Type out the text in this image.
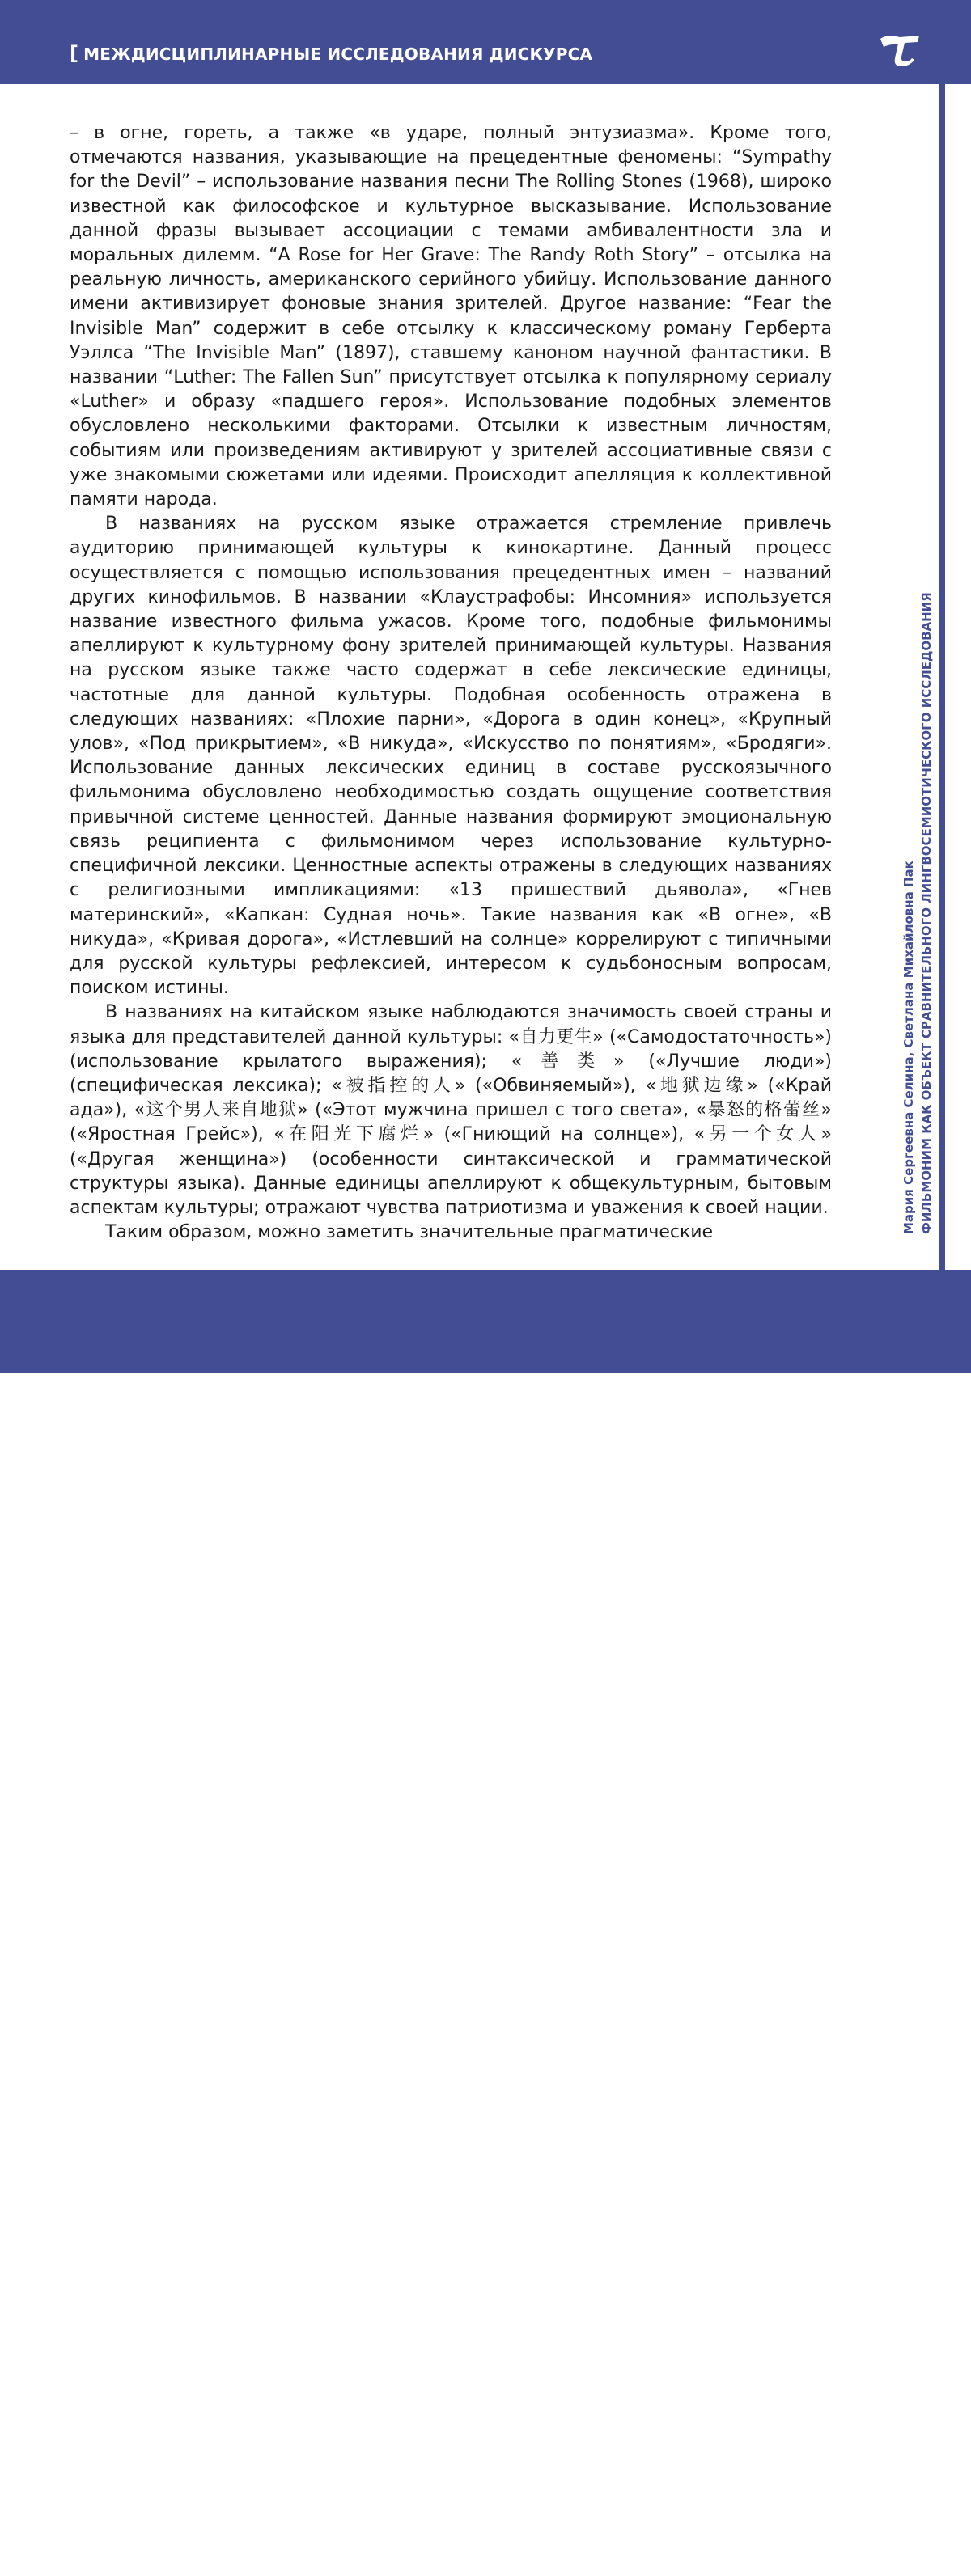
[ МЕЖДИСЦИПЛИНАРНЫЕ ИССЛЕДОВАНИЯ ДИСКУРСА

– в огне, гореть, а также «в ударе, полный энтузиазма». Кроме того, отмечаются названия, указывающие на прецедентные феномены: “Sympathy for the Devil” – использование названия песни The Rolling Stones (1968), широко известной как философское и культурное высказывание. Использование данной фразы вызывает ассоциации с темами амбивалентности зла и моральных дилемм. “A Rose for Her Grave: The Randy Roth Story” – отсылка на реальную личность, американского серийного убийцу. Использование данного имени активизирует фоновые знания зрителей. Другое название: “Fear the Invisible Man” содержит в себе отсылку к классическому роману Герберта Уэллса “The Invisible Man” (1897), ставшему каноном научной фантастики. В названии “Luther: The Fallen Sun” присутствует отсылка к популярному сериалу «Luther» и образу «падшего героя». Использование подобных элементов обусловлено несколькими факторами. Отсылки к известным личностям, событиям или произведениям активируют у зрителей ассоциативные связи с уже знакомыми сюжетами или идеями. Происходит апелляция к коллективной памяти народа.

В названиях на русском языке отражается стремление привлечь аудиторию принимающей культуры к кинокартине. Данный процесс осуществляется с помощью использования прецедентных имен – названий других кинофильмов. В названии «Клаустрафобы: Инсомния» используется название известного фильма ужасов. Кроме того, подобные фильмонимы апеллируют к культурному фону зрителей принимающей культуры. Названия на русском языке также часто содержат в себе лексические единицы, частотные для данной культуры. Подобная особенность отражена в следующих названиях: «Плохие парни», «Дорога в один конец», «Крупный улов», «Под прикрытием», «В никуда», «Искусство по понятиям», «Бродяги». Использование данных лексических единиц в составе русскоязычного фильмонима обусловлено необходимостью создать ощущение соответствия привычной системе ценностей. Данные названия формируют эмоциональную связь реципиента с фильмонимом через использование культурно-специфичной лексики. Ценностные аспекты отражены в следующих названиях с религиозными импликациями: «13 пришествий дьявола», «Гнев материнский», «Капкан: Судная ночь». Такие названия как «В огне», «В никуда», «Кривая дорога», «Истлевший на солнце» коррелируют с типичными для русской культуры рефлексией, интересом к судьбоносным вопросам, поиском истины.

В названиях на китайском языке наблюдаются значимость своей страны и языка для представителей данной культуры: «自力更生» («Самодостаточность») (использование крылатого выражения); «善类» («Лучшие люди») (специфическая лексика); «被指控的人» («Обвиняемый»), «地狱边缘» («Край ада»), «这个男人来自地狱» («Этот мужчина пришел с того света», «暴怒的格蕾丝» («Яростная Грейс»), «在阳光下腐烂» («Гниющий на солнце»), «另一个女人» («Другая женщина») (особенности синтаксической и грамматической структуры языка). Данные единицы апеллируют к общекультурным, бытовым аспектам культуры; отражают чувства патриотизма и уважения к своей нации.

Таким образом, можно заметить значительные прагматические	Мария Сергеевна Селина, Светлана Михайловна Пак ФИЛЬМОНИМ КАК ОБЪЕКТ СРАВНИТЕЛЬНОГО ЛИНГВОСЕМИОТИЧЕСКОГО ИССЛЕДОВАНИЯ
70
